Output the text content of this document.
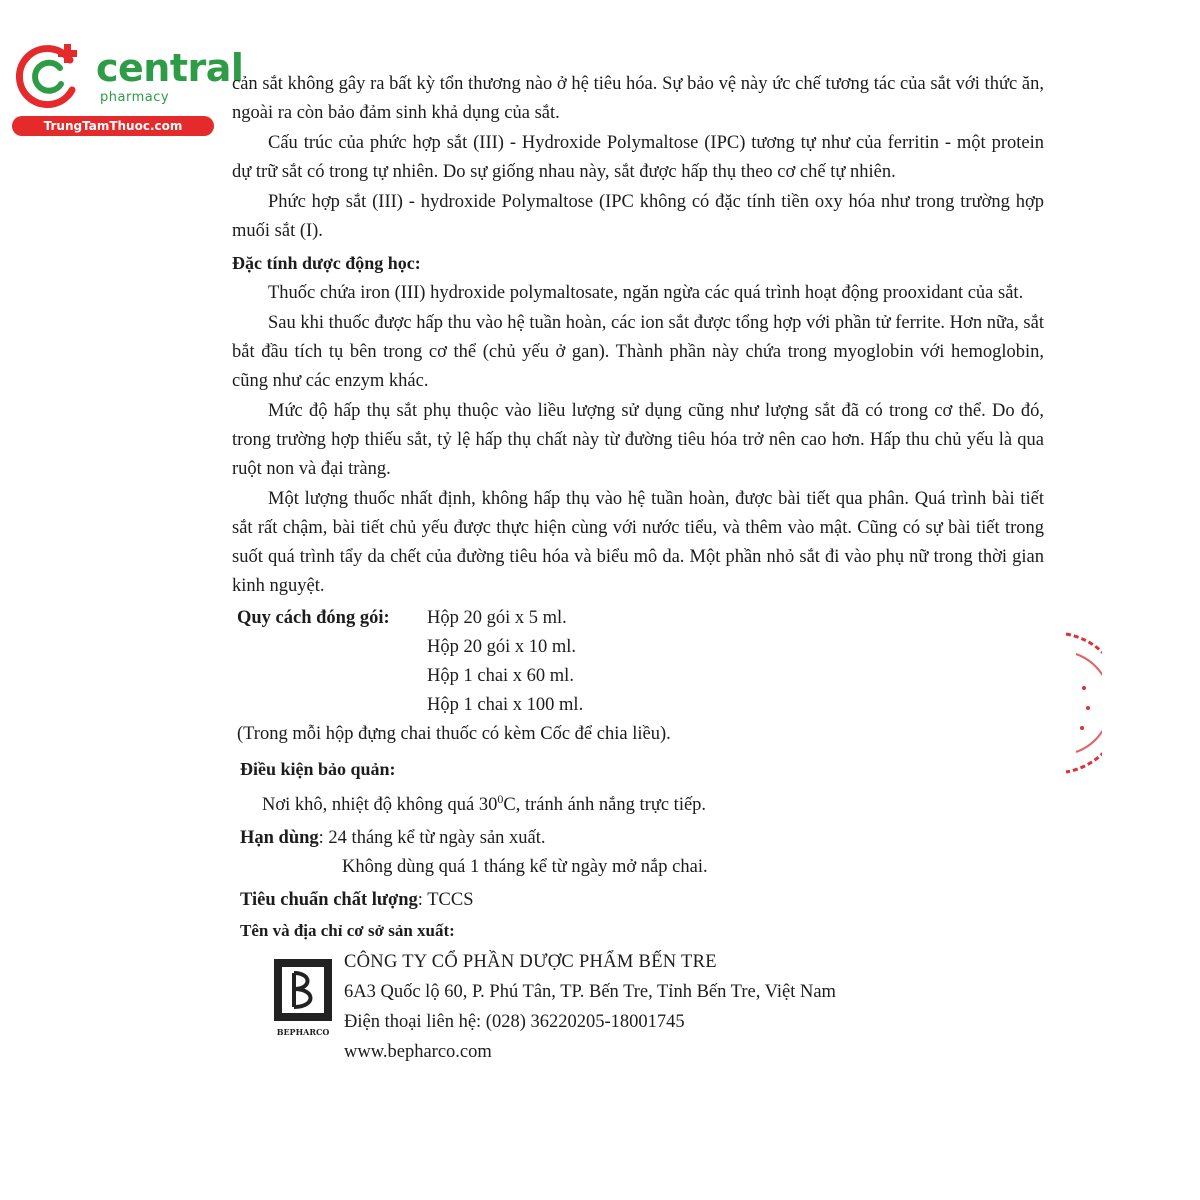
central
pharmacy
TrungTamThuoc.com

cản sắt không gây ra bất kỳ tổn thương nào ở hệ tiêu hóa. Sự bảo vệ này ức chế tương tác của sắt với thức ăn, ngoài ra còn bảo đảm sinh khả dụng của sắt.

Cấu trúc của phức hợp sắt (III) - Hydroxide Polymaltose (IPC) tương tự như của ferritin - một protein dự trữ sắt có trong tự nhiên. Do sự giống nhau này, sắt được hấp thụ theo cơ chế tự nhiên.

Phức hợp sắt (III) - hydroxide Polymaltose (IPC không có đặc tính tiền oxy hóa như trong trường hợp muối sắt (I).

Đặc tính dược động học:

Thuốc chứa iron (III) hydroxide polymaltosate, ngăn ngừa các quá trình hoạt động prooxidant của sắt.

Sau khi thuốc được hấp thu vào hệ tuần hoàn, các ion sắt được tổng hợp với phần tử ferrite. Hơn nữa, sắt bắt đầu tích tụ bên trong cơ thể (chủ yếu ở gan). Thành phần này chứa trong myoglobin với hemoglobin, cũng như các enzym khác.

Mức độ hấp thụ sắt phụ thuộc vào liều lượng sử dụng cũng như lượng sắt đã có trong cơ thể. Do đó, trong trường hợp thiếu sắt, tỷ lệ hấp thụ chất này từ đường tiêu hóa trở nên cao hơn. Hấp thu chủ yếu là qua ruột non và đại tràng.

Một lượng thuốc nhất định, không hấp thụ vào hệ tuần hoàn, được bài tiết qua phân. Quá trình bài tiết sắt rất chậm, bài tiết chủ yếu được thực hiện cùng với nước tiểu, và thêm vào mật. Cũng có sự bài tiết trong suốt quá trình tẩy da chết của đường tiêu hóa và biểu mô da. Một phần nhỏ sắt đi vào phụ nữ trong thời gian kinh nguyệt.

Quy cách đóng gói:	Hộp 20 gói x 5 ml.
Hộp 20 gói x 10 ml.
Hộp 1 chai x 60 ml.
Hộp 1 chai x 100 ml.
(Trong mỗi hộp đựng chai thuốc có kèm Cốc để chia liều).
Điều kiện bảo quản:
Nơi khô, nhiệt độ không quá $30^0C$, tránh ánh nắng trực tiếp.
Hạn dùng: 24 tháng kể từ ngày sản xuất.
Không dùng quá 1 tháng kể từ ngày mở nắp chai.
Tiêu chuẩn chất lượng: TCCS
Tên và địa chỉ cơ sở sản xuất:
BEPHARCO
CÔNG TY CỔ PHẦN DƯỢC PHẨM BẾN TRE
6A3 Quốc lộ 60, P. Phú Tân, TP. Bến Tre, Tỉnh Bến Tre, Việt Nam
Điện thoại liên hệ: (028) 36220205-18001745
www.bepharco.com
